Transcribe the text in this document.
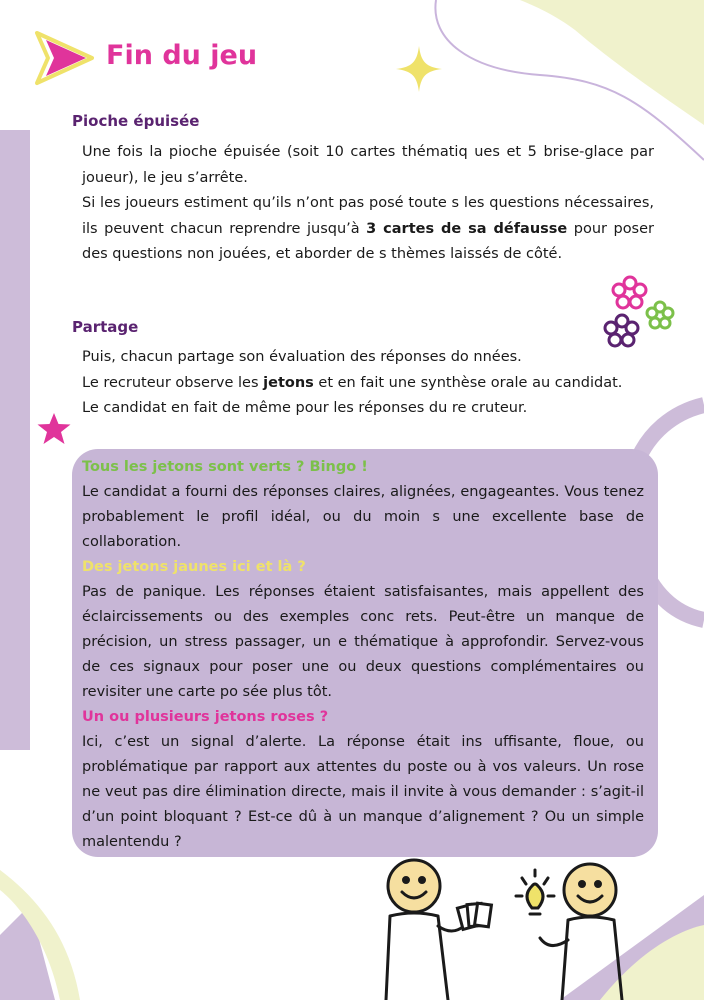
Fin du jeu
Pioche épuisée

Une fois la pioche épuisée (soit 10 cartes thématiq ues et 5 brise-glace par joueur), le jeu s’arrête.

Si les joueurs estiment qu’ils n’ont pas posé toute s les questions nécessaires, ils peuvent chacun reprendre jusqu’à 3 cartes de sa défausse pour poser des questions non jouées, et aborder de s thèmes laissés de côté.

Partage

Puis, chacun partage son évaluation des réponses do nnées.

Le recruteur observe les jetons et en fait une synthèse orale au candidat.

Le candidat en fait de même pour les réponses du re cruteur.

Tous les jetons sont verts ? Bingo !

Le candidat a fourni des réponses claires, alignées, engageantes. Vous tenez probablement le profil idéal, ou du moin s une excellente base de collaboration.

Des jetons jaunes ici et là ?

Pas de panique. Les réponses étaient satisfaisantes, mais appellent des éclaircissements ou des exemples conc rets. Peut-être un manque de précision, un stress passager, un e thématique à approfondir. Servez-vous de ces signaux pour poser une ou deux questions complémentaires ou revisiter une carte po sée plus tôt.

Un ou plusieurs jetons roses ?

Ici, c’est un signal d’alerte. La réponse était ins uffisante, floue, ou problématique par rapport aux attentes du poste ou à vos valeurs. Un rose ne veut pas dire élimination directe, mais il invite à vous demander : s’agit-il d’un point bloquant ? Est-ce dû à un manque d’alignement ? Ou un simple malentendu ?
